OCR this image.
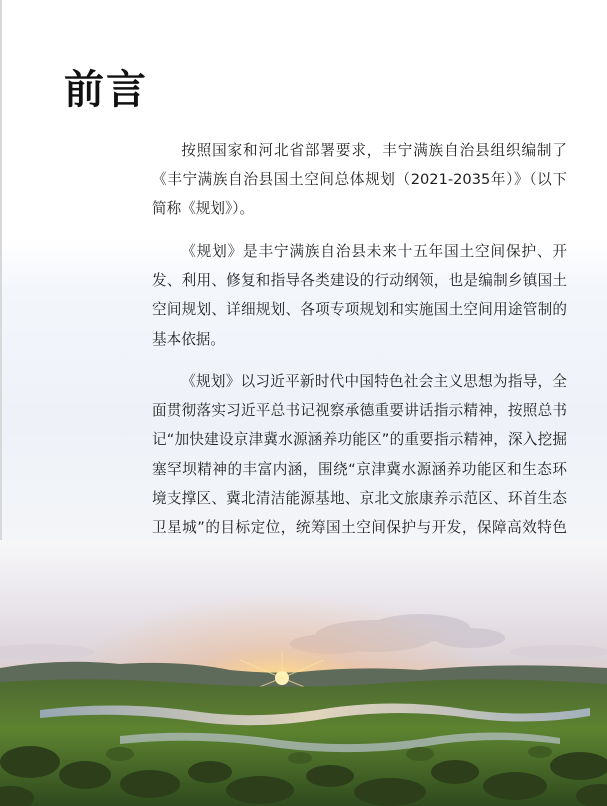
前言

按照国家和河北省部署要求，丰宁满族自治县组织编制了《丰宁满族自治县国土空间总体规划（2021-2035年）》（以下简称《规划》）。

《规划》是丰宁满族自治县未来十五年国土空间保护、开发、利用、修复和指导各类建设的行动纲领，也是编制乡镇国土空间规划、详细规划、各项专项规划和实施国土空间用途管制的基本依据。

《规划》以习近平新时代中国特色社会主义思想为指导，全面贯彻落实习近平总书记视察承德重要讲话指示精神，按照总书记“加快建设京津冀水源涵养功能区”的重要指示精神，深入挖掘塞罕坝精神的丰富内涵，围绕“京津冀水源涵养功能区和生态环境支撑区、冀北清洁能源基地、京北文旅康养示范区、环首生态卫星城”的目标定位，统筹国土空间保护与开发，保障高效特色
